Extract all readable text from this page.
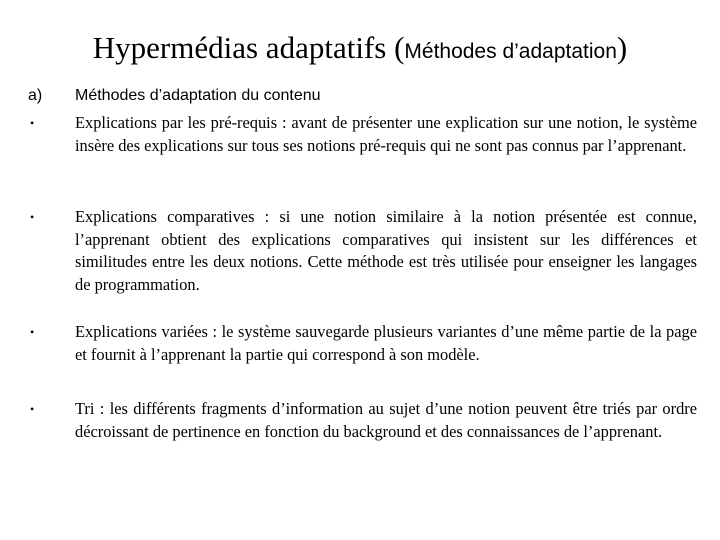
Hypermédias adaptatifs (Méthodes d’adaptation)
a) Méthodes d’adaptation du contenu
• Explications par les pré-requis : avant de présenter une explication sur une notion, le système insère des explications sur tous ses notions pré-requis qui ne sont pas connus par l’apprenant.
• Explications comparatives : si une notion similaire à la notion présentée est connue, l’apprenant obtient des explications comparatives qui insistent sur les différences et similitudes entre les deux notions. Cette méthode est très utilisée pour enseigner les langages de programmation.
• Explications variées : le système sauvegarde plusieurs variantes d’une même partie de la page et fournit à l’apprenant la partie qui correspond à son modèle.
• Tri : les différents fragments d’information au sujet d’une notion peuvent être triés par ordre décroissant de pertinence en fonction du background et des connaissances de l’apprenant.
